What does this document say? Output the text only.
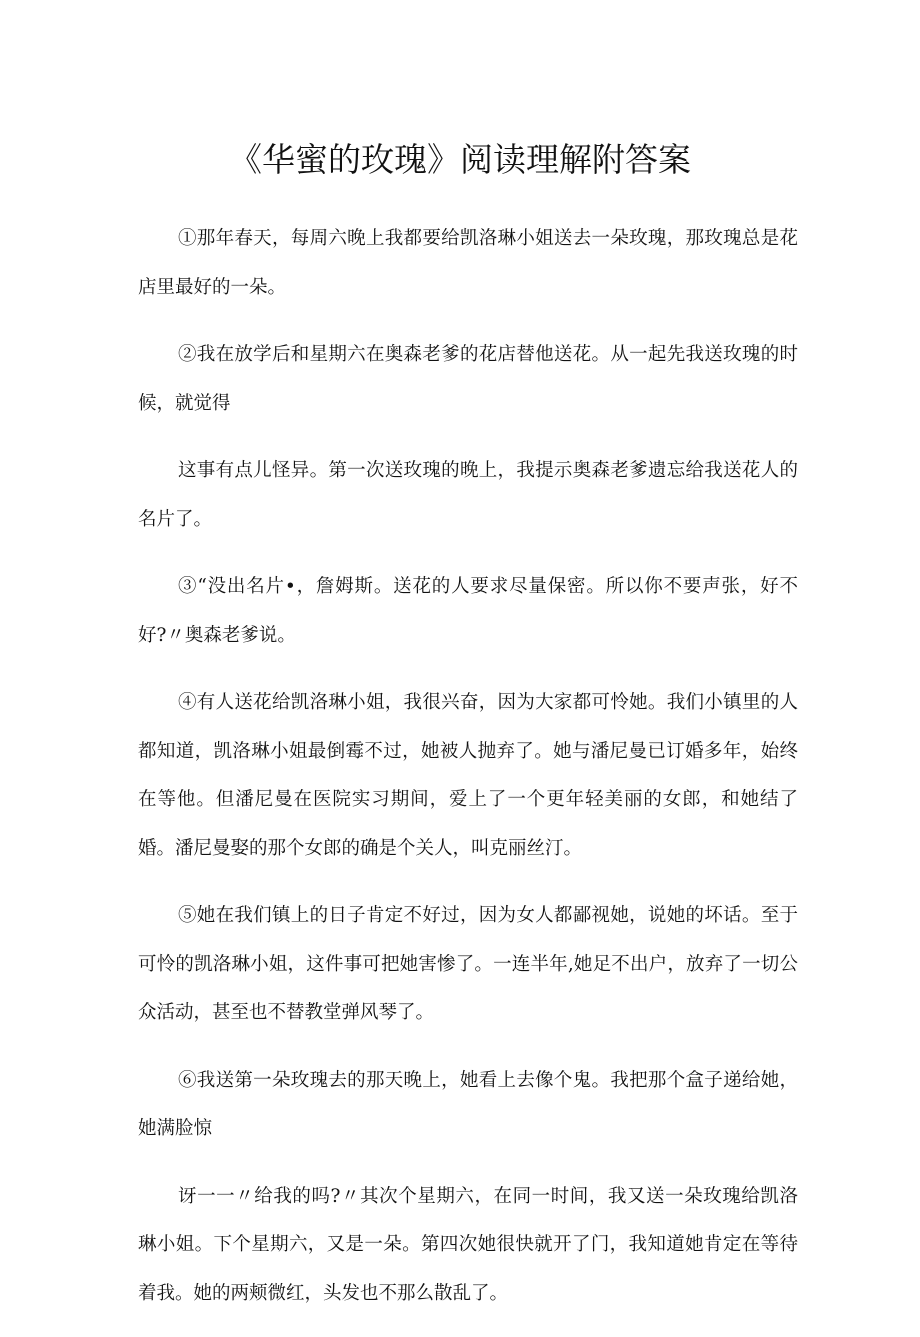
《华蜜的玫瑰》阅读理解附答案

①那年春天，每周六晚上我都要给凯洛琳小姐送去一朵玫瑰，那玫瑰总是花店里最好的一朵。

②我在放学后和星期六在奥森老爹的花店替他送花。从一起先我送玫瑰的时候，就觉得

这事有点儿怪异。第一次送玫瑰的晚上，我提示奥森老爹遗忘给我送花人的名片了。

③“没出名片•，詹姆斯。送花的人要求尽量保密。所以你不要声张，好不好?〃奥森老爹说。

④有人送花给凯洛琳小姐，我很兴奋，因为大家都可怜她。我们小镇里的人都知道，凯洛琳小姐最倒霉不过，她被人抛弃了。她与潘尼曼已订婚多年，始终在等他。但潘尼曼在医院实习期间，爱上了一个更年轻美丽的女郎，和她结了婚。潘尼曼娶的那个女郎的确是个关人，叫克丽丝汀。

⑤她在我们镇上的日子肯定不好过，因为女人都鄙视她，说她的坏话。至于可怜的凯洛琳小姐，这件事可把她害惨了。一连半年,她足不出户，放弃了一切公众活动，甚至也不替教堂弹风琴了。

⑥我送第一朵玫瑰去的那天晚上，她看上去像个鬼。我把那个盒子递给她，她满脸惊

讶一一〃给我的吗?〃其次个星期六，在同一时间，我又送一朵玫瑰给凯洛琳小姐。下个星期六，又是一朵。第四次她很快就开了门，我知道她肯定在等待着我。她的两颊微红，头发也不那么散乱了。
